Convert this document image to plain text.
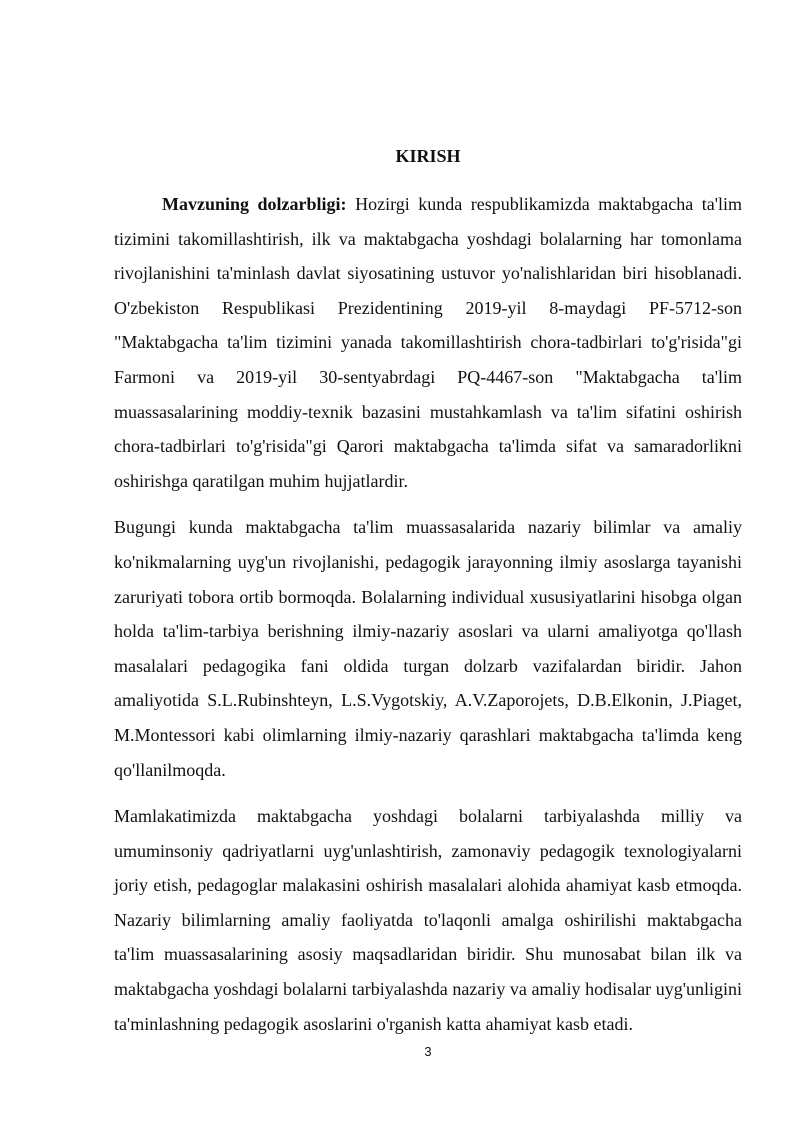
KIRISH

Mavzuning dolzarbligi: Hozirgi kunda respublikamizda maktabgacha ta'lim tizimini takomillashtirish, ilk va maktabgacha yoshdagi bolalarning har tomonlama rivojlanishini ta'minlash davlat siyosatining ustuvor yo'nalishlaridan biri hisoblanadi. O'zbekiston Respublikasi Prezidentining 2019-yil 8-maydagi PF-5712-son "Maktabgacha ta'lim tizimini yanada takomillashtirish chora-tadbirlari to'g'risida"gi Farmoni va 2019-yil 30-sentyabrdagi PQ-4467-son "Maktabgacha ta'lim muassasalarining moddiy-texnik bazasini mustahkamlash va ta'lim sifatini oshirish chora-tadbirlari to'g'risida"gi Qarori maktabgacha ta'limda sifat va samaradorlikni oshirishga qaratilgan muhim hujjatlardir.

Bugungi kunda maktabgacha ta'lim muassasalarida nazariy bilimlar va amaliy ko'nikmalarning uyg'un rivojlanishi, pedagogik jarayonning ilmiy asoslarga tayanishi zaruriyati tobora ortib bormoqda. Bolalarning individual xususiyatlarini hisobga olgan holda ta'lim-tarbiya berishning ilmiy-nazariy asoslari va ularni amaliyotga qo'llash masalalari pedagogika fani oldida turgan dolzarb vazifalardan biridir. Jahon amaliyotida S.L.Rubinshteyn, L.S.Vygotskiy, A.V.Zaporojets, D.B.Elkonin, J.Piaget, M.Montessori kabi olimlarning ilmiy-nazariy qarashlari maktabgacha ta'limda keng qo'llanilmoqda.

Mamlakatimizda maktabgacha yoshdagi bolalarni tarbiyalashda milliy va umuminsoniy qadriyatlarni uyg'unlashtirish, zamonaviy pedagogik texnologiyalarni joriy etish, pedagoglar malakasini oshirish masalalari alohida ahamiyat kasb etmoqda. Nazariy bilimlarning amaliy faoliyatda to'laqonli amalga oshirilishi maktabgacha ta'lim muassasalarining asosiy maqsadlaridan biridir. Shu munosabat bilan ilk va maktabgacha yoshdagi bolalarni tarbiyalashda nazariy va amaliy hodisalar uyg'unligini ta'minlashning pedagogik asoslarini o'rganish katta ahamiyat kasb etadi.

3
